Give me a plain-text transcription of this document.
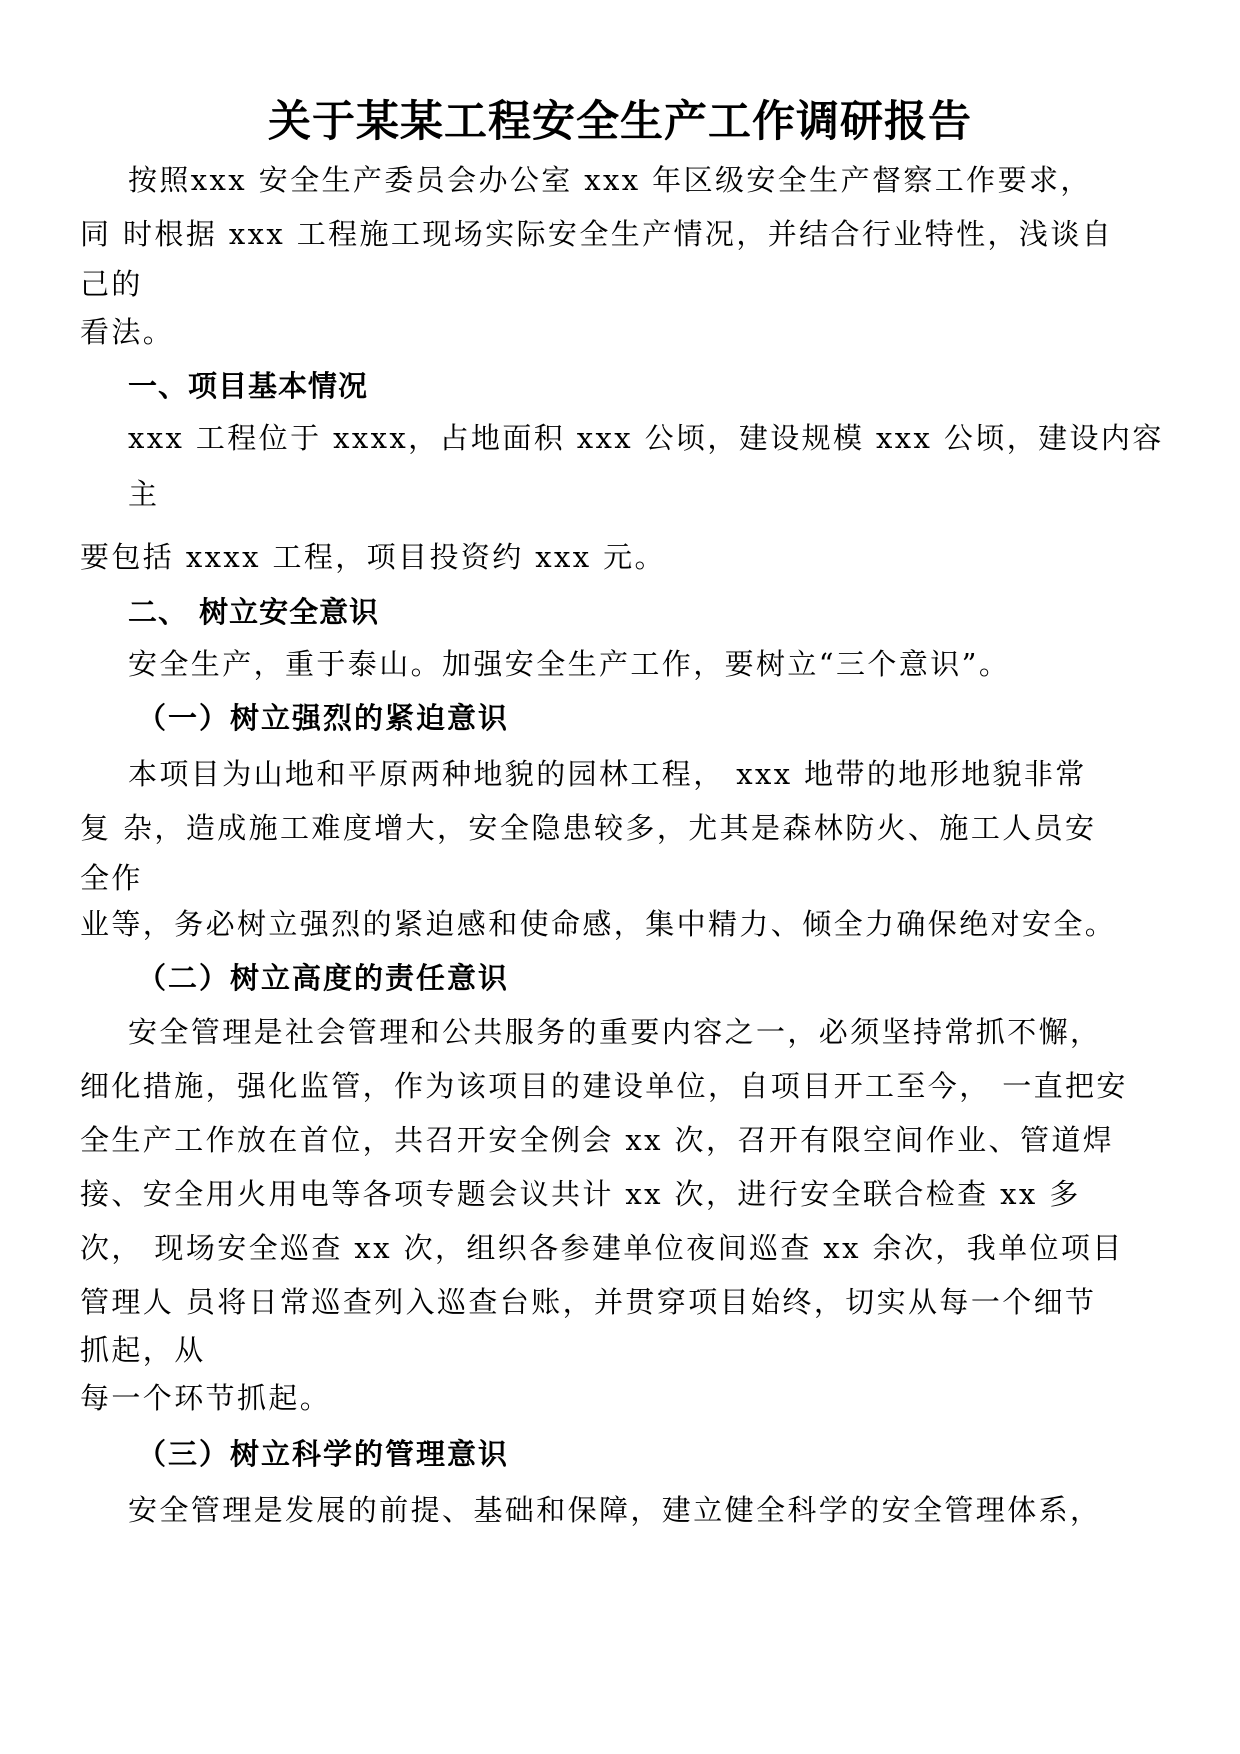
关于某某工程安全生产工作调研报告
按照xxx 安全生产委员会办公室 xxx 年区级安全生产督察工作要求，
同 时根据 xxx 工程施工现场实际安全生产情况，并结合行业特性，浅谈自
己的
看法。
一、项目基本情况
xxx 工程位于 xxxx，占地面积 xxx 公顷，建设规模 xxx 公顷，建设内容
主
要包括 xxxx 工程，项目投资约 xxx 元。
二、 树立安全意识
安全生产，重于泰山。加强安全生产工作，要树立“三个意识”。
（一）树立强烈的紧迫意识
本项目为山地和平原两种地貌的园林工程， xxx 地带的地形地貌非常
复 杂，造成施工难度增大，安全隐患较多，尤其是森林防火、施工人员安
全作
业等，务必树立强烈的紧迫感和使命感，集中精力、倾全力确保绝对安全。
（二）树立高度的责任意识
安全管理是社会管理和公共服务的重要内容之一，必须坚持常抓不懈，
细化措施，强化监管，作为该项目的建设单位，自项目开工至今， 一直把安
全生产工作放在首位，共召开安全例会 xx 次，召开有限空间作业、管道焊
接、安全用火用电等各项专题会议共计 xx 次，进行安全联合检查 xx 多
次， 现场安全巡查 xx 次，组织各参建单位夜间巡查 xx 余次，我单位项目
管理人 员将日常巡查列入巡查台账，并贯穿项目始终，切实从每一个细节
抓起，从
每一个环节抓起。
（三）树立科学的管理意识
安全管理是发展的前提、基础和保障，建立健全科学的安全管理体系，
